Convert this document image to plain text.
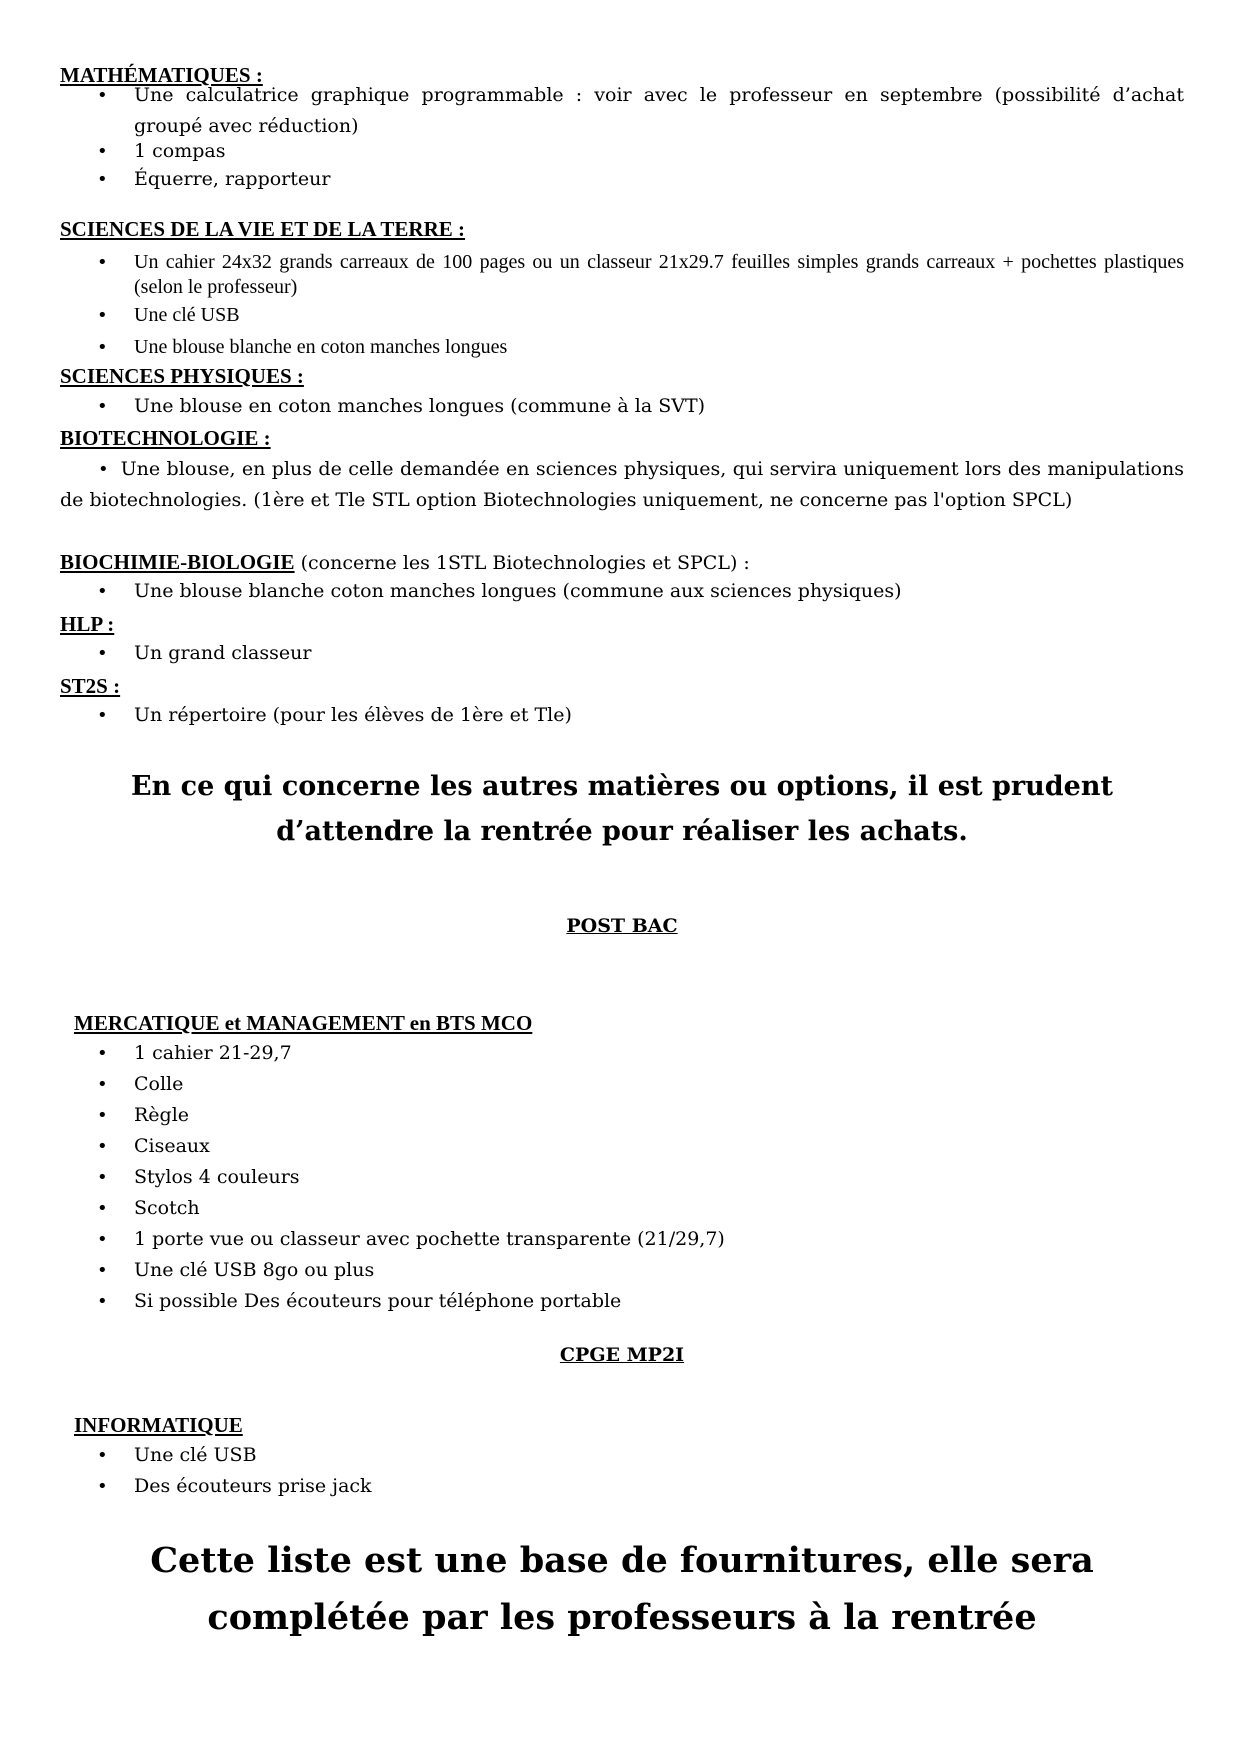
MATHÉMATIQUES :
• Une calculatrice graphique programmable : voir avec le professeur en septembre (possibilité d’achat groupé avec réduction)
• 1 compas
• Équerre, rapporteur
SCIENCES DE LA VIE ET DE LA TERRE :
• Un cahier 24x32 grands carreaux de 100 pages ou un classeur 21x29.7 feuilles simples grands carreaux + pochettes plastiques (selon le professeur)
• Une clé USB
• Une blouse blanche en coton manches longues
SCIENCES PHYSIQUES :
• Une blouse en coton manches longues (commune à la SVT)
BIOTECHNOLOGIE :
• Une blouse, en plus de celle demandée en sciences physiques, qui servira uniquement lors des manipulations de biotechnologies. (1ère et Tle STL option Biotechnologies uniquement, ne concerne pas l'option SPCL)
BIOCHIMIE-BIOLOGIE (concerne les 1STL Biotechnologies et SPCL) :
• Une blouse blanche coton manches longues (commune aux sciences physiques)
HLP :
• Un grand classeur
ST2S :
• Un répertoire (pour les élèves de 1ère et Tle)
En ce qui concerne les autres matières ou options, il est prudent
d’attendre la rentrée pour réaliser les achats.
POST BAC
MERCATIQUE et MANAGEMENT en BTS MCO
• 1 cahier 21-29,7
• Colle
• Règle
• Ciseaux
• Stylos 4 couleurs
• Scotch
• 1 porte vue ou classeur avec pochette transparente (21/29,7)
• Une clé USB 8go ou plus
• Si possible Des écouteurs pour téléphone portable
CPGE MP2I
INFORMATIQUE
• Une clé USB
• Des écouteurs prise jack
Cette liste est une base de fournitures, elle sera
complétée par les professeurs à la rentrée
